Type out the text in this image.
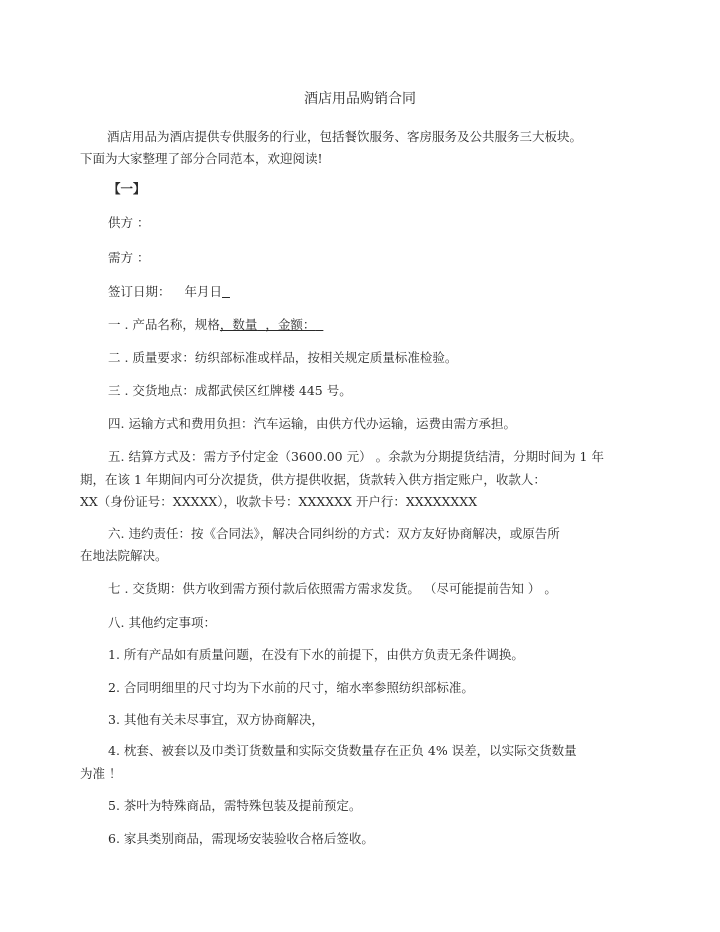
酒店用品购销合同
酒店用品为酒店提供专供服务的行业，包括餐饮服务、客房服务及公共服务三大板块。
下面为大家整理了部分合同范本，欢迎阅读!
【一】
供方 ：
需方 ：
签订日期： 年月日
一 . 产品名称，规格，数量 ，金额：
二 . 质量要求：纺织部标准或样品，按相关规定质量标准检验。
三 . 交货地点：成都武侯区红牌楼 445 号。
四. 运输方式和费用负担：汽车运输，由供方代办运输，运费由需方承担。
五. 结算方式及：需方予付定金（3600.00 元） 。余款为分期提货结清，分期时间为 1 年
期，在该 1 年期间内可分次提货，供方提供收据，货款转入供方指定账户，收款人：
XX（身份证号：XXXXX），收款卡号：XXXXXX 开户行：XXXXXXXX
六. 违约责任：按《合同法》，解决合同纠纷的方式：双方友好协商解决，或原告所
在地法院解决。
七 . 交货期：供方收到需方预付款后依照需方需求发货。 （尽可能提前告知 ） 。
八. 其他约定事项：
1. 所有产品如有质量问题，在没有下水的前提下，由供方负责无条件调换。
2. 合同明细里的尺寸均为下水前的尺寸，缩水率参照纺织部标准。
3. 其他有关未尽事宜，双方协商解决，
4. 枕套、被套以及巾类订货数量和实际交货数量存在正负 4% 误差，以实际交货数量
为准 ！
5. 茶叶为特殊商品，需特殊包装及提前预定。
6. 家具类别商品，需现场安装验收合格后签收。
